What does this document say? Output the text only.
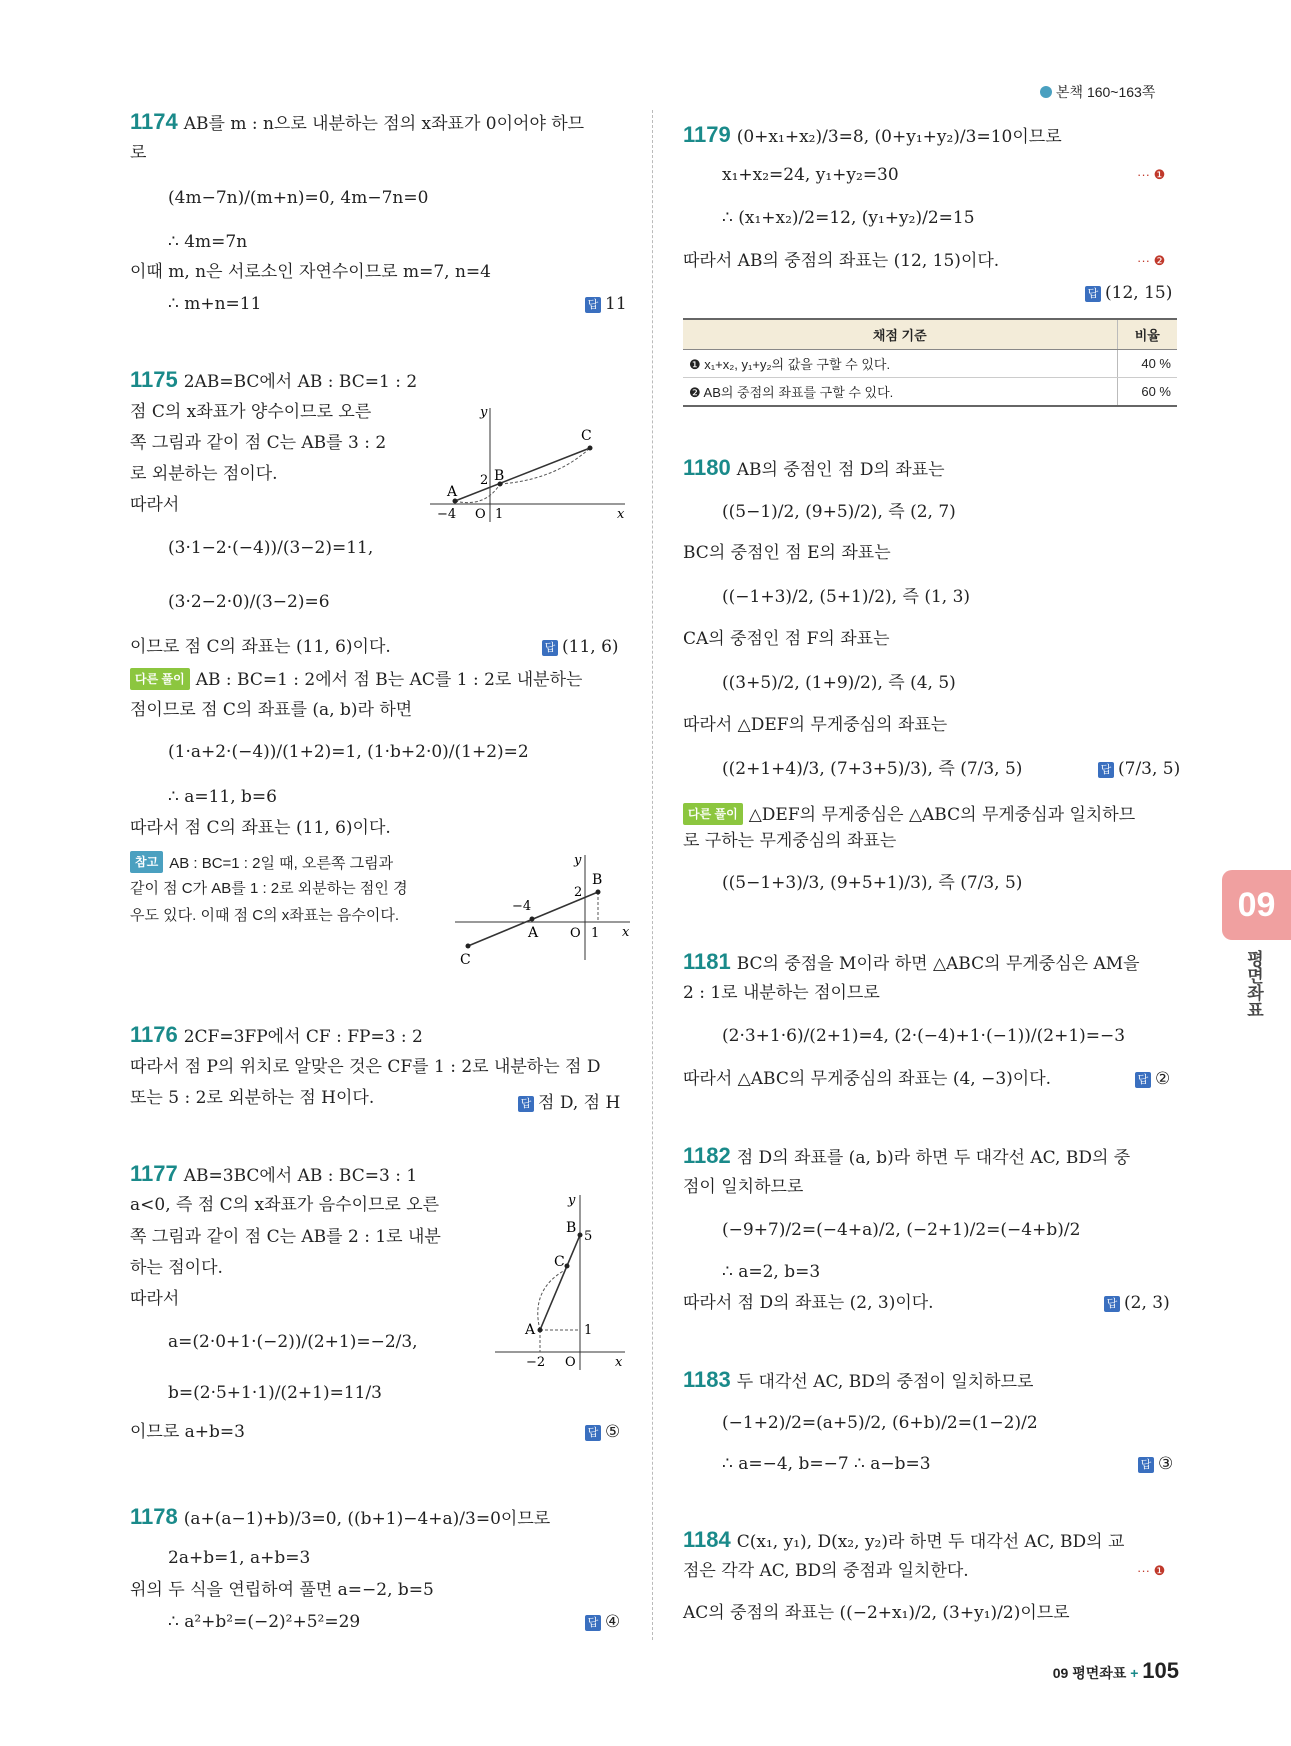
본책 160~163쪽
1174 AB를 m : n으로 내분하는 점의 x좌표가 0이어야 하므
로
(4m−7n)/(m+n)=0, 4m−7n=0
∴ 4m=7n
이때 m, n은 서로소인 자연수이므로 m=7, n=4
∴ m+n=11	답 11
1175 2AB=BC에서 AB : BC=1 : 2
점 C의 x좌표가 양수이므로 오른
쪽 그림과 같이 점 C는 AB를 3 : 2
로 외분하는 점이다.
따라서
(3·1−2·(−4))/(3−2)=11,
(3·2−2·0)/(3−2)=6
이므로 점 C의 좌표는 (11, 6)이다.	답 (11, 6)
다른 풀이 AB : BC=1 : 2에서 점 B는 AC를 1 : 2로 내분하는
점이므로 점 C의 좌표를 (a, b)라 하면
(1·a+2·(−4))/(1+2)=1, (1·b+2·0)/(1+2)=2
∴ a=11, b=6
따라서 점 C의 좌표는 (11, 6)이다.
참고 AB : BC=1 : 2일 때, 오른쪽 그림과
같이 점 C가 AB를 1 : 2로 외분하는 점인 경
우도 있다. 이때 점 C의 x좌표는 음수이다.
y
x
A
B
C
2
−4 O 1
y
x
A
B
C
2
−4
O 1
1176 2CF=3FP에서 CF : FP=3 : 2
따라서 점 P의 위치로 알맞은 것은 CF를 1 : 2로 내분하는 점 D
또는 5 : 2로 외분하는 점 H이다.	답 점 D, 점 H
1177 AB=3BC에서 AB : BC=3 : 1
a<0, 즉 점 C의 x좌표가 음수이므로 오른
쪽 그림과 같이 점 C는 AB를 2 : 1로 내분
하는 점이다.
따라서
a=(2·0+1·(−2))/(2+1)=−2/3,
b=(2·5+1·1)/(2+1)=11/3
이므로 a+b=3	답 ⑤
y
x
A
B
C
5
1
−2 O
1178 (a+(a−1)+b)/3=0, ((b+1)−4+a)/3=0이므로
2a+b=1, a+b=3
위의 두 식을 연립하여 풀면 a=−2, b=5
∴ a²+b²=(−2)²+5²=29	답 ④
1179 (0+x₁+x₂)/3=8, (0+y₁+y₂)/3=10이므로
x₁+x₂=24, y₁+y₂=30	··· ❶
∴ (x₁+x₂)/2=12, (y₁+y₂)/2=15
따라서 AB의 중점의 좌표는 (12, 15)이다.	··· ❷
답 (12, 15)
채점 기준	비율
❶ x₁+x₂, y₁+y₂의 값을 구할 수 있다.	40 %
❷ AB의 중점의 좌표를 구할 수 있다.	60 %
1180 AB의 중점인 점 D의 좌표는
((5−1)/2, (9+5)/2), 즉 (2, 7)
BC의 중점인 점 E의 좌표는
((−1+3)/2, (5+1)/2), 즉 (1, 3)
CA의 중점인 점 F의 좌표는
((3+5)/2, (1+9)/2), 즉 (4, 5)
따라서 △DEF의 무게중심의 좌표는
((2+1+4)/3, (7+3+5)/3), 즉 (7/3, 5)	답 (7/3, 5)
다른 풀이 △DEF의 무게중심은 △ABC의 무게중심과 일치하므
로 구하는 무게중심의 좌표는
((5−1+3)/3, (9+5+1)/3), 즉 (7/3, 5)
1181 BC의 중점을 M이라 하면 △ABC의 무게중심은 AM을
2 : 1로 내분하는 점이므로
(2·3+1·6)/(2+1)=4, (2·(−4)+1·(−1))/(2+1)=−3
따라서 △ABC의 무게중심의 좌표는 (4, −3)이다.	답 ②
1182 점 D의 좌표를 (a, b)라 하면 두 대각선 AC, BD의 중
점이 일치하므로
(−9+7)/2=(−4+a)/2, (−2+1)/2=(−4+b)/2
∴ a=2, b=3
따라서 점 D의 좌표는 (2, 3)이다.	답 (2, 3)
1183 두 대각선 AC, BD의 중점이 일치하므로
(−1+2)/2=(a+5)/2, (6+b)/2=(1−2)/2
∴ a=−4, b=−7 ∴ a−b=3	답 ③
1184 C(x₁, y₁), D(x₂, y₂)라 하면 두 대각선 AC, BD의 교
점은 각각 AC, BD의 중점과 일치한다.	··· ❶
AC의 중점의 좌표는 ((−2+x₁)/2, (3+y₁)/2)이므로
09
평면좌표
09 평면좌표 + 105
